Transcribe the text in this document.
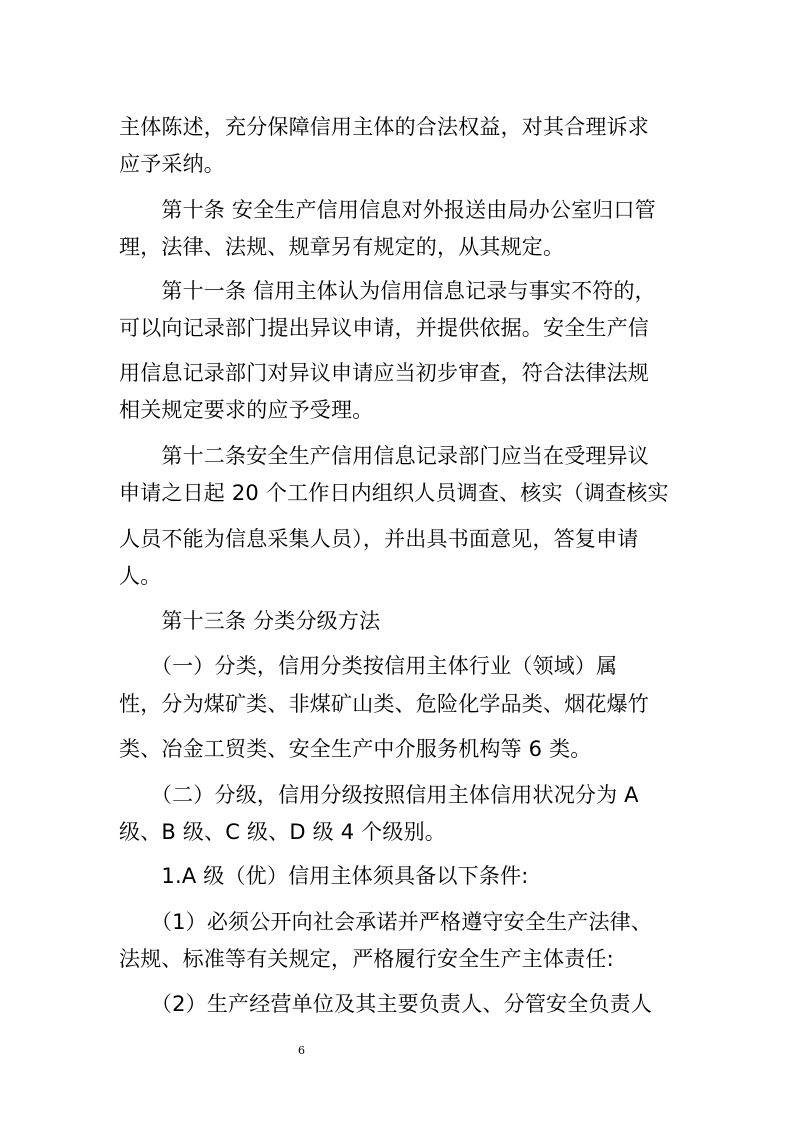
主体陈述，充分保障信用主体的合法权益，对其合理诉求
应予采纳。
　　第十条 安全生产信用信息对外报送由局办公室归口管
理，法律、法规、规章另有规定的，从其规定。
　　第十一条 信用主体认为信用信息记录与事实不符的，
可以向记录部门提出异议申请，并提供依据。安全生产信
用信息记录部门对异议申请应当初步审查，符合法律法规
相关规定要求的应予受理。
　　第十二条安全生产信用信息记录部门应当在受理异议
申请之日起 20 个工作日内组织人员调查、核实（调查核实
人员不能为信息采集人员），并出具书面意见，答复申请
人。
　　第十三条 分类分级方法
　　（一）分类，信用分类按信用主体行业（领域）属
性，分为煤矿类、非煤矿山类、危险化学品类、烟花爆竹
类、冶金工贸类、安全生产中介服务机构等 6 类。
　　（二）分级，信用分级按照信用主体信用状况分为 A
级、B 级、C 级、D 级 4 个级别。
　　1.A 级（优）信用主体须具备以下条件:
　　（1）必须公开向社会承诺并严格遵守安全生产法律、
法规、标准等有关规定，严格履行安全生产主体责任:
　　（2）生产经营单位及其主要负责人、分管安全负责人
6
